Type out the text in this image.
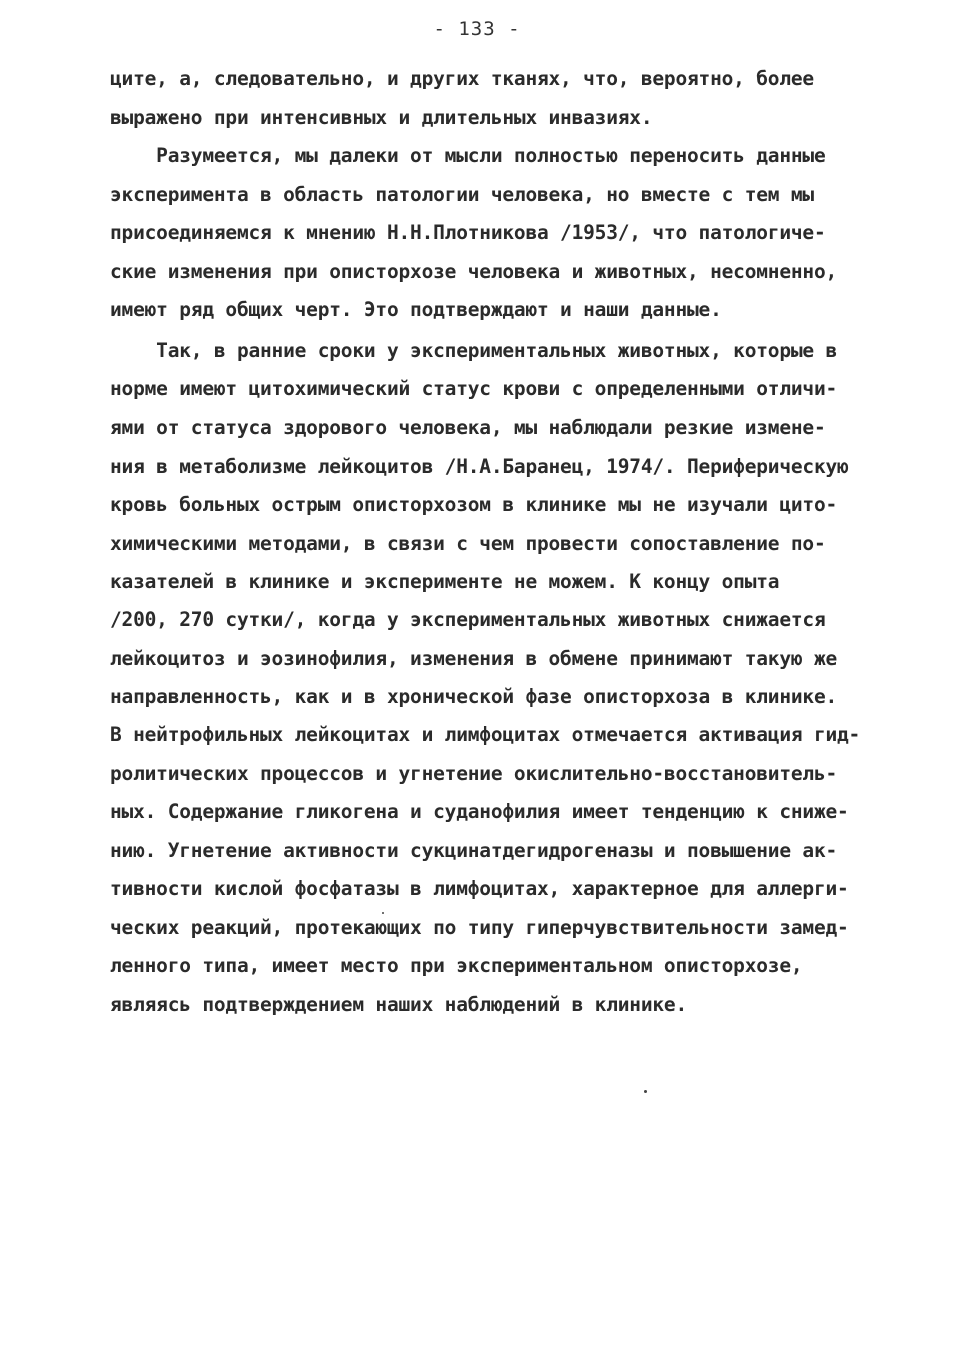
- 133 -
ците, а, следовательно, и других тканях, что, вероятно, более
выражено при интенсивных и длительных инвазиях.
Разумеется, мы далеки от мысли полностью переносить данные
эксперимента в область патологии человека, но вместе с тем мы
присоединяемся к мнению Н.Н.Плотникова /1953/, что патологиче-
ские изменения при описторхозе человека и животных, несомненно,
имеют ряд общих черт. Это подтверждают и наши данные.
Так, в ранние сроки у экспериментальных животных, которые в
норме имеют цитохимический статус крови с определенными отличи-
ями от статуса здорового человека, мы наблюдали резкие измене-
ния в метаболизме лейкоцитов /Н.А.Баранец, 1974/. Периферическую
кровь больных острым описторхозом в клинике мы не изучали цито-
химическими методами, в связи с чем провести сопоставление по-
казателей в клинике и эксперименте не можем. К концу опыта
/200, 270 сутки/, когда у экспериментальных животных снижается
лейкоцитоз и эозинофилия, изменения в обмене принимают такую же
направленность, как и в хронической фазе описторхоза в клинике.
В нейтрофильных лейкоцитах и лимфоцитах отмечается активация гид-
ролитических процессов и угнетение окислительно-восстановитель-
ных. Содержание гликогена и суданофилия имеет тенденцию к сниже-
нию. Угнетение активности сукцинатдегидрогеназы и повышение ак-
тивности кислой фосфатазы в лимфоцитах, характерное для аллерги-
ческих реакций, протекающих по типу гиперчувствительности замед-
ленного типа, имеет место при экспериментальном описторхозе,
являясь подтверждением наших наблюдений в клинике.
